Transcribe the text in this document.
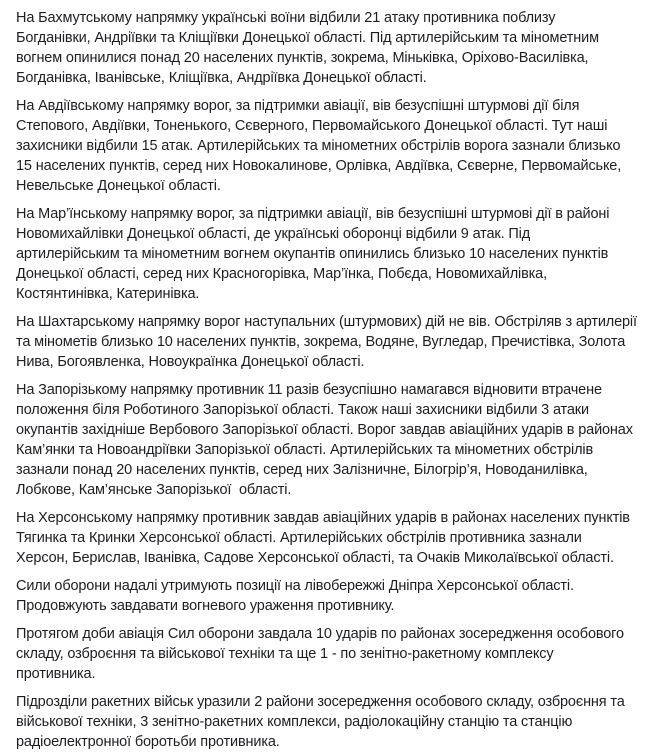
На Бахмутському напрямку українські воїни відбили 21 атаку противника поблизу
Богданівки, Андріївки та Кліщіївки Донецької області. Під артилерійським та мінометним
вогнем опинилися понад 20 населених пунктів, зокрема, Міньківка, Оріхово-Василівка,
Богданівка, Іванівське, Кліщіївка, Андріївка Донецької області.

На Авдіївському напрямку ворог, за підтримки авіації, вів безуспішні штурмові дії біля
Степового, Авдіївки, Тоненького, Сєверного, Первомайського Донецької області. Тут наші
захисники відбили 15 атак. Артилерійських та мінометних обстрілів ворога зазнали близько
15 населених пунктів, серед них Новокалинове, Орлівка, Авдіївка, Сєверне, Первомайське,
Невельське Донецької області.

На Мар’їнському напрямку ворог, за підтримки авіації, вів безуспішні штурмові дії в районі
Новомихайлівки Донецької області, де українські оборонці відбили 9 атак. Під
артилерійським та мінометним вогнем окупантів опинились близько 10 населених пунктів
Донецької області, серед них Красногорівка, Мар’їнка, Побєда, Новомихайлівка,
Костянтинівка, Катеринівка.

На Шахтарському напрямку ворог наступальних (штурмових) дій не вів. Обстріляв з артилерії
та мінометів близько 10 населених пунктів, зокрема, Водяне, Вугледар, Пречистівка, Золота
Нива, Богоявленка, Новоукраїнка Донецької області.

На Запорізькому напрямку противник 11 разів безуспішно намагався відновити втрачене
положення біля Роботиного Запорізької області. Також наші захисники відбили 3 атаки
окупантів західніше Вербового Запорізької області. Ворог завдав авіаційних ударів в районах
Кам’янки та Новоандріївки Запорізької області. Артилерійських та мінометних обстрілів
зазнали понад 20 населених пунктів, серед них Залізничне, Білогрір’я, Новоданилівка,
Лобкове, Кам’янське Запорізької  області.

На Херсонському напрямку противник завдав авіаційних ударів в районах населених пунктів
Тягинка та Кринки Херсонської області. Артилерійських обстрілів противника зазнали
Херсон, Берислав, Іванівка, Садове Херсонської області, та Очаків Миколаївської області.

Сили оборони надалі утримують позиції на лівобережжі Дніпра Херсонської області.
Продовжують завдавати вогневого ураження противнику.

Протягом доби авіація Сил оборони завдала 10 ударів по районах зосередження особового
складу, озброєння та військової техніки та ще 1 - по зенітно-ракетному комплексу
противника.

Підрозділи ракетних військ уразили 2 райони зосередження особового складу, озброєння та
військової техніки, 3 зенітно-ракетних комплекси, радіолокаційну станцію та станцію
радіоелектронної боротьби противника.
